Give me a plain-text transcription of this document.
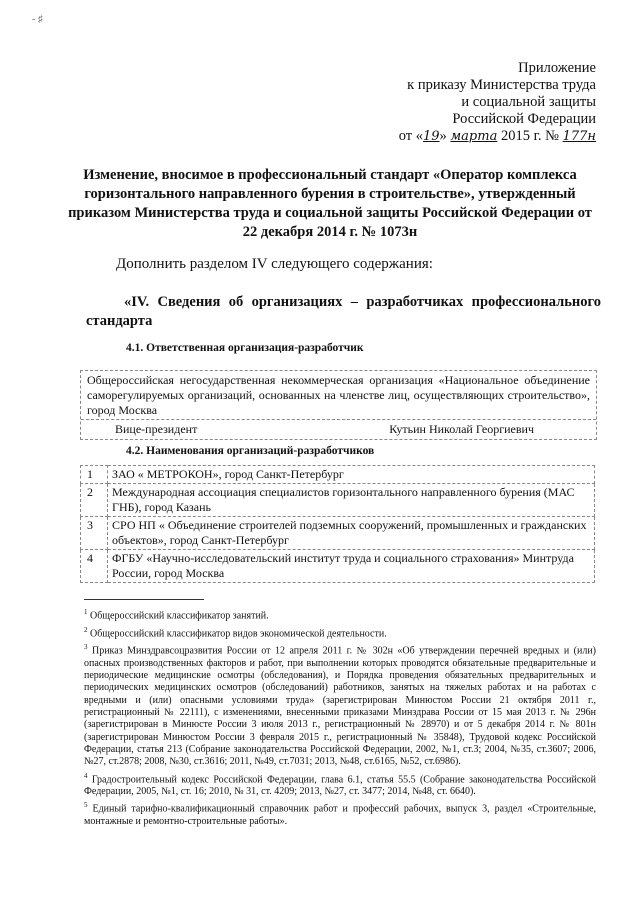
- ♯
Приложение
к приказу Министерства труда
и социальной защиты
Российской Федерации
от «19» марта 2015 г. № 177н
Изменение, вносимое в профессиональный стандарт «Оператор комплекса горизонтального направленного бурения в строительстве», утвержденный приказом Министерства труда и социальной защиты Российской Федерации от 22 декабря 2014 г. № 1073н
Дополнить разделом IV следующего содержания:
«IV. Сведения об организациях – разработчиках профессионального стандарта
4.1. Ответственная организация-разработчик
Общероссийская негосударственная некоммерческая организация «Национальное объединение саморегулируемых организаций, основанных на членстве лиц, осуществляющих строительство», город Москва
Вице-президент	Кутьин Николай Георгиевич
4.2. Наименования организаций-разработчиков
1	ЗАО « МЕТРОКОН», город Санкт-Петербург
2	Международная ассоциация специалистов горизонтального направленного бурения (МАС ГНБ), город Казань
3	СРО НП « Объединение строителей подземных сооружений, промышленных и гражданских объектов», город Санкт-Петербург
4	ФГБУ «Научно-исследовательский институт труда и социального страхования» Минтруда России, город Москва

$^1$ Общероссийский классификатор занятий.

$^2$ Общероссийский классификатор видов экономической деятельности.

$^3$ Приказ Минздравсоцразвития России от 12 апреля 2011 г. № 302н «Об утверждении перечней вредных и (или) опасных производственных факторов и работ, при выполнении которых проводятся обязательные предварительные и периодические медицинские осмотры (обследования), и Порядка проведения обязательных предварительных и периодических медицинских осмотров (обследований) работников, занятых на тяжелых работах и на работах с вредными и (или) опасными условиями труда» (зарегистрирован Минюстом России 21 октября 2011 г., регистрационный № 22111), с изменениями, внесенными приказами Минздрава России от 15 мая 2013 г. № 296н (зарегистрирован в Минюсте России 3 июля 2013 г., регистрационный № 28970) и от 5 декабря 2014 г. № 801н (зарегистрирован Минюстом России 3 февраля 2015 г., регистрационный № 35848), Трудовой кодекс Российской Федерации, статья 213 (Собрание законодательства Российской Федерации, 2002, №1, ст.3; 2004, №35, ст.3607; 2006, №27, ст.2878; 2008, №30, ст.3616; 2011, №49, ст.7031; 2013, №48, ст.6165, №52, ст.6986).

$^4$ Градостроительный кодекс Российской Федерации, глава 6.1, статья 55.5 (Собрание законодательства Российской Федерации, 2005, №1, ст. 16; 2010, № 31, ст. 4209; 2013, №27, ст. 3477; 2014, №48, ст. 6640).

$^5$ Единый тарифно-квалификационный справочник работ и профессий рабочих, выпуск 3, раздел «Строительные, монтажные и ремонтно-строительные работы».
